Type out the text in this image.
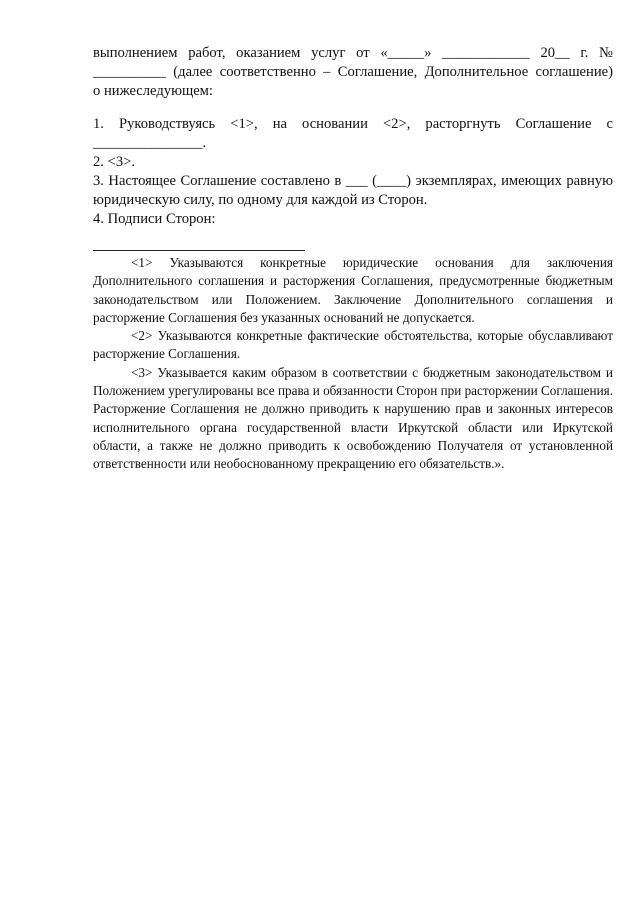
выполнением работ, оказанием услуг от «_____» ____________ 20__ г. №

__________ (далее соответственно – Соглашение, Дополнительное соглашение)

о нижеследующем:

1. Руководствуясь <1>, на основании <2>, расторгнуть Соглашение с

_______________.

2. <3>.

3. Настоящее Соглашение составлено в ___ (____) экземплярах, имеющих равную юридическую силу, по одному для каждой из Сторон.

4. Подписи Сторон:

<1> Указываются конкретные юридические основания для заключения Дополнительного соглашения и расторжения Соглашения, предусмотренные бюджетным законодательством или Положением. Заключение Дополнительного соглашения и расторжение Соглашения без указанных оснований не допускается.

<2> Указываются конкретные фактические обстоятельства, которые обуславливают расторжение Соглашения.

<3> Указывается каким образом в соответствии с бюджетным законодательством и Положением урегулированы все права и обязанности Сторон при расторжении Соглашения. Расторжение Соглашения не должно приводить к нарушению прав и законных интересов исполнительного органа государственной власти Иркутской области или Иркутской области, а также не должно приводить к освобождению Получателя от установленной ответственности или необоснованному прекращению его обязательств.».
